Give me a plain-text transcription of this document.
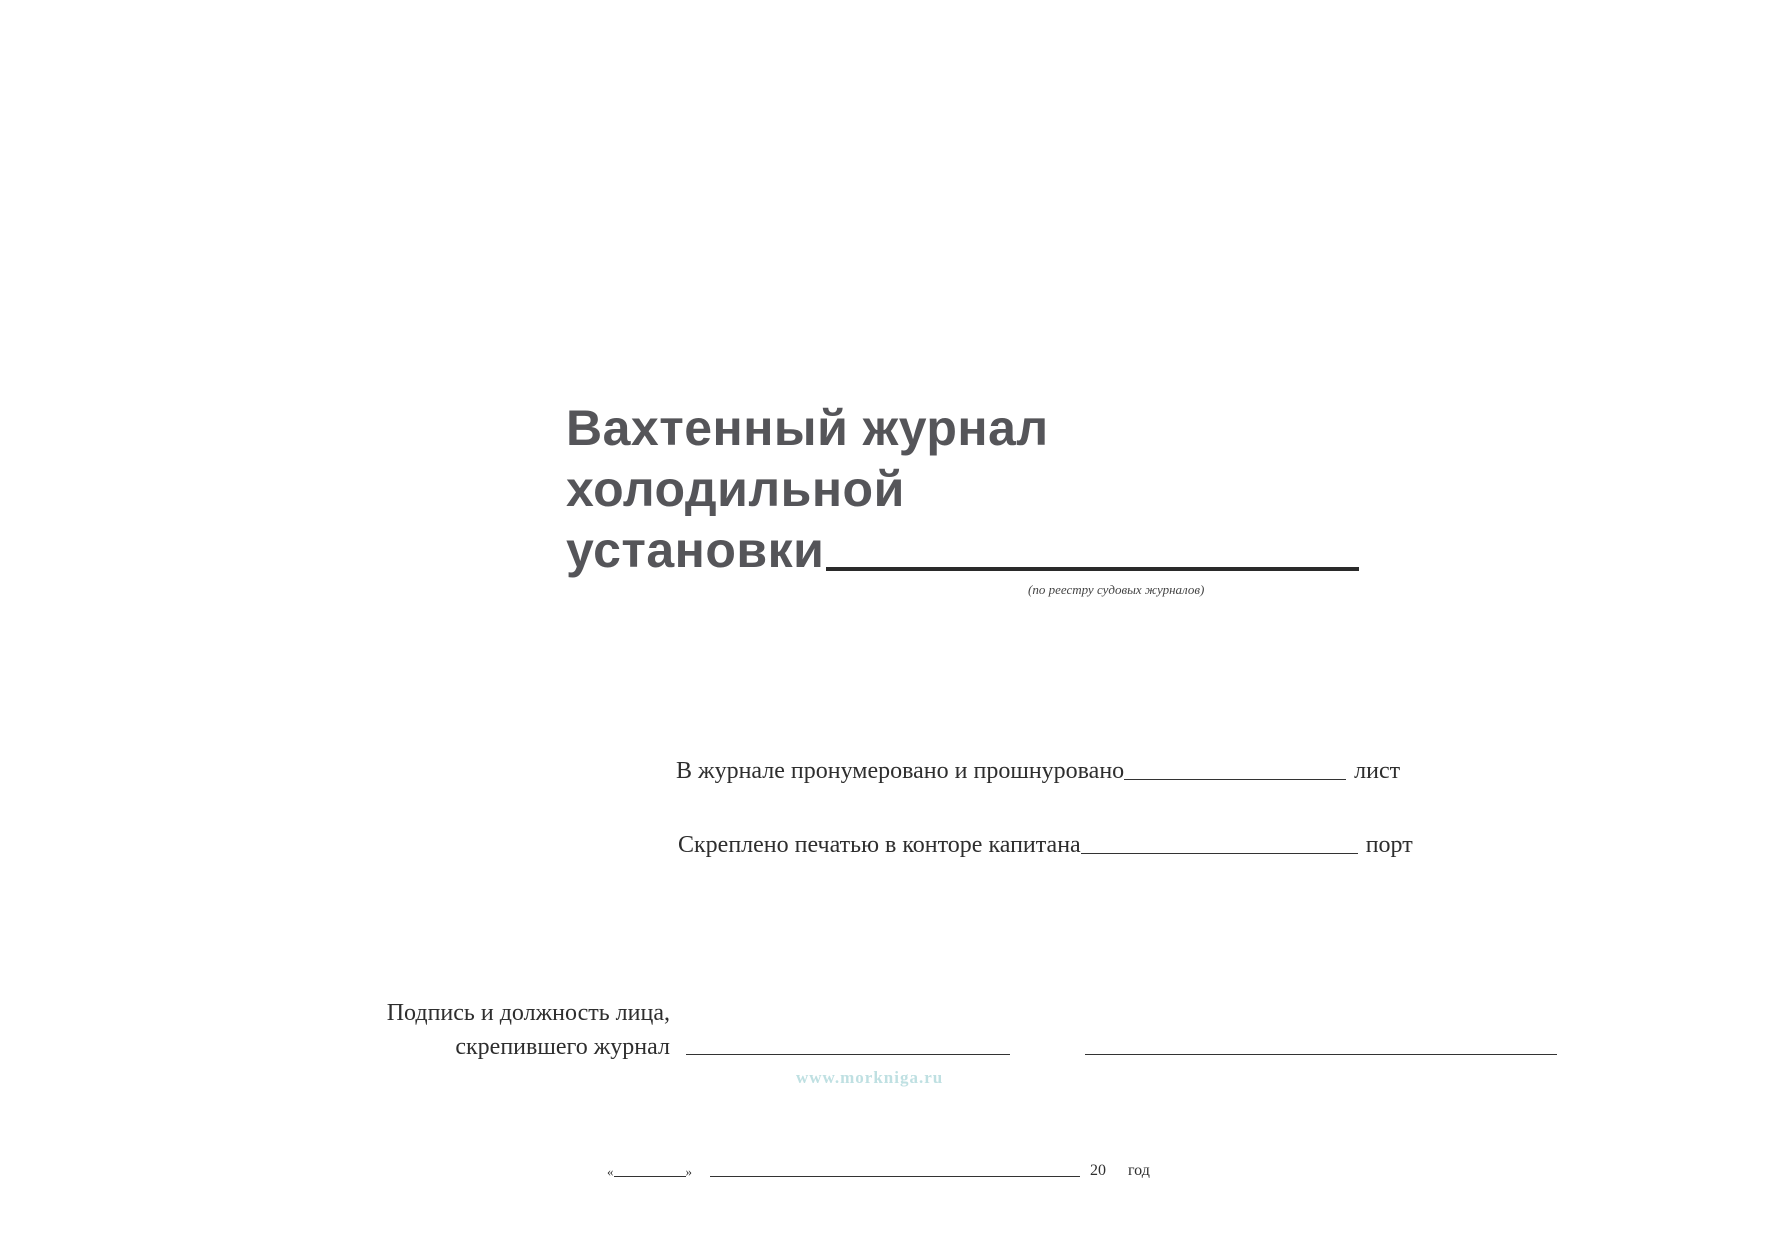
Вахтенный журнал
холодильной
установки
(по реестру судовых журналов)
В журнале пронумеровано и прошнуровано	лист
Скреплено печатью в конторе капитана	порт
Подпись и должность лица,
скрепившего журнал
www.morkniga.ru
«	»	20 год
